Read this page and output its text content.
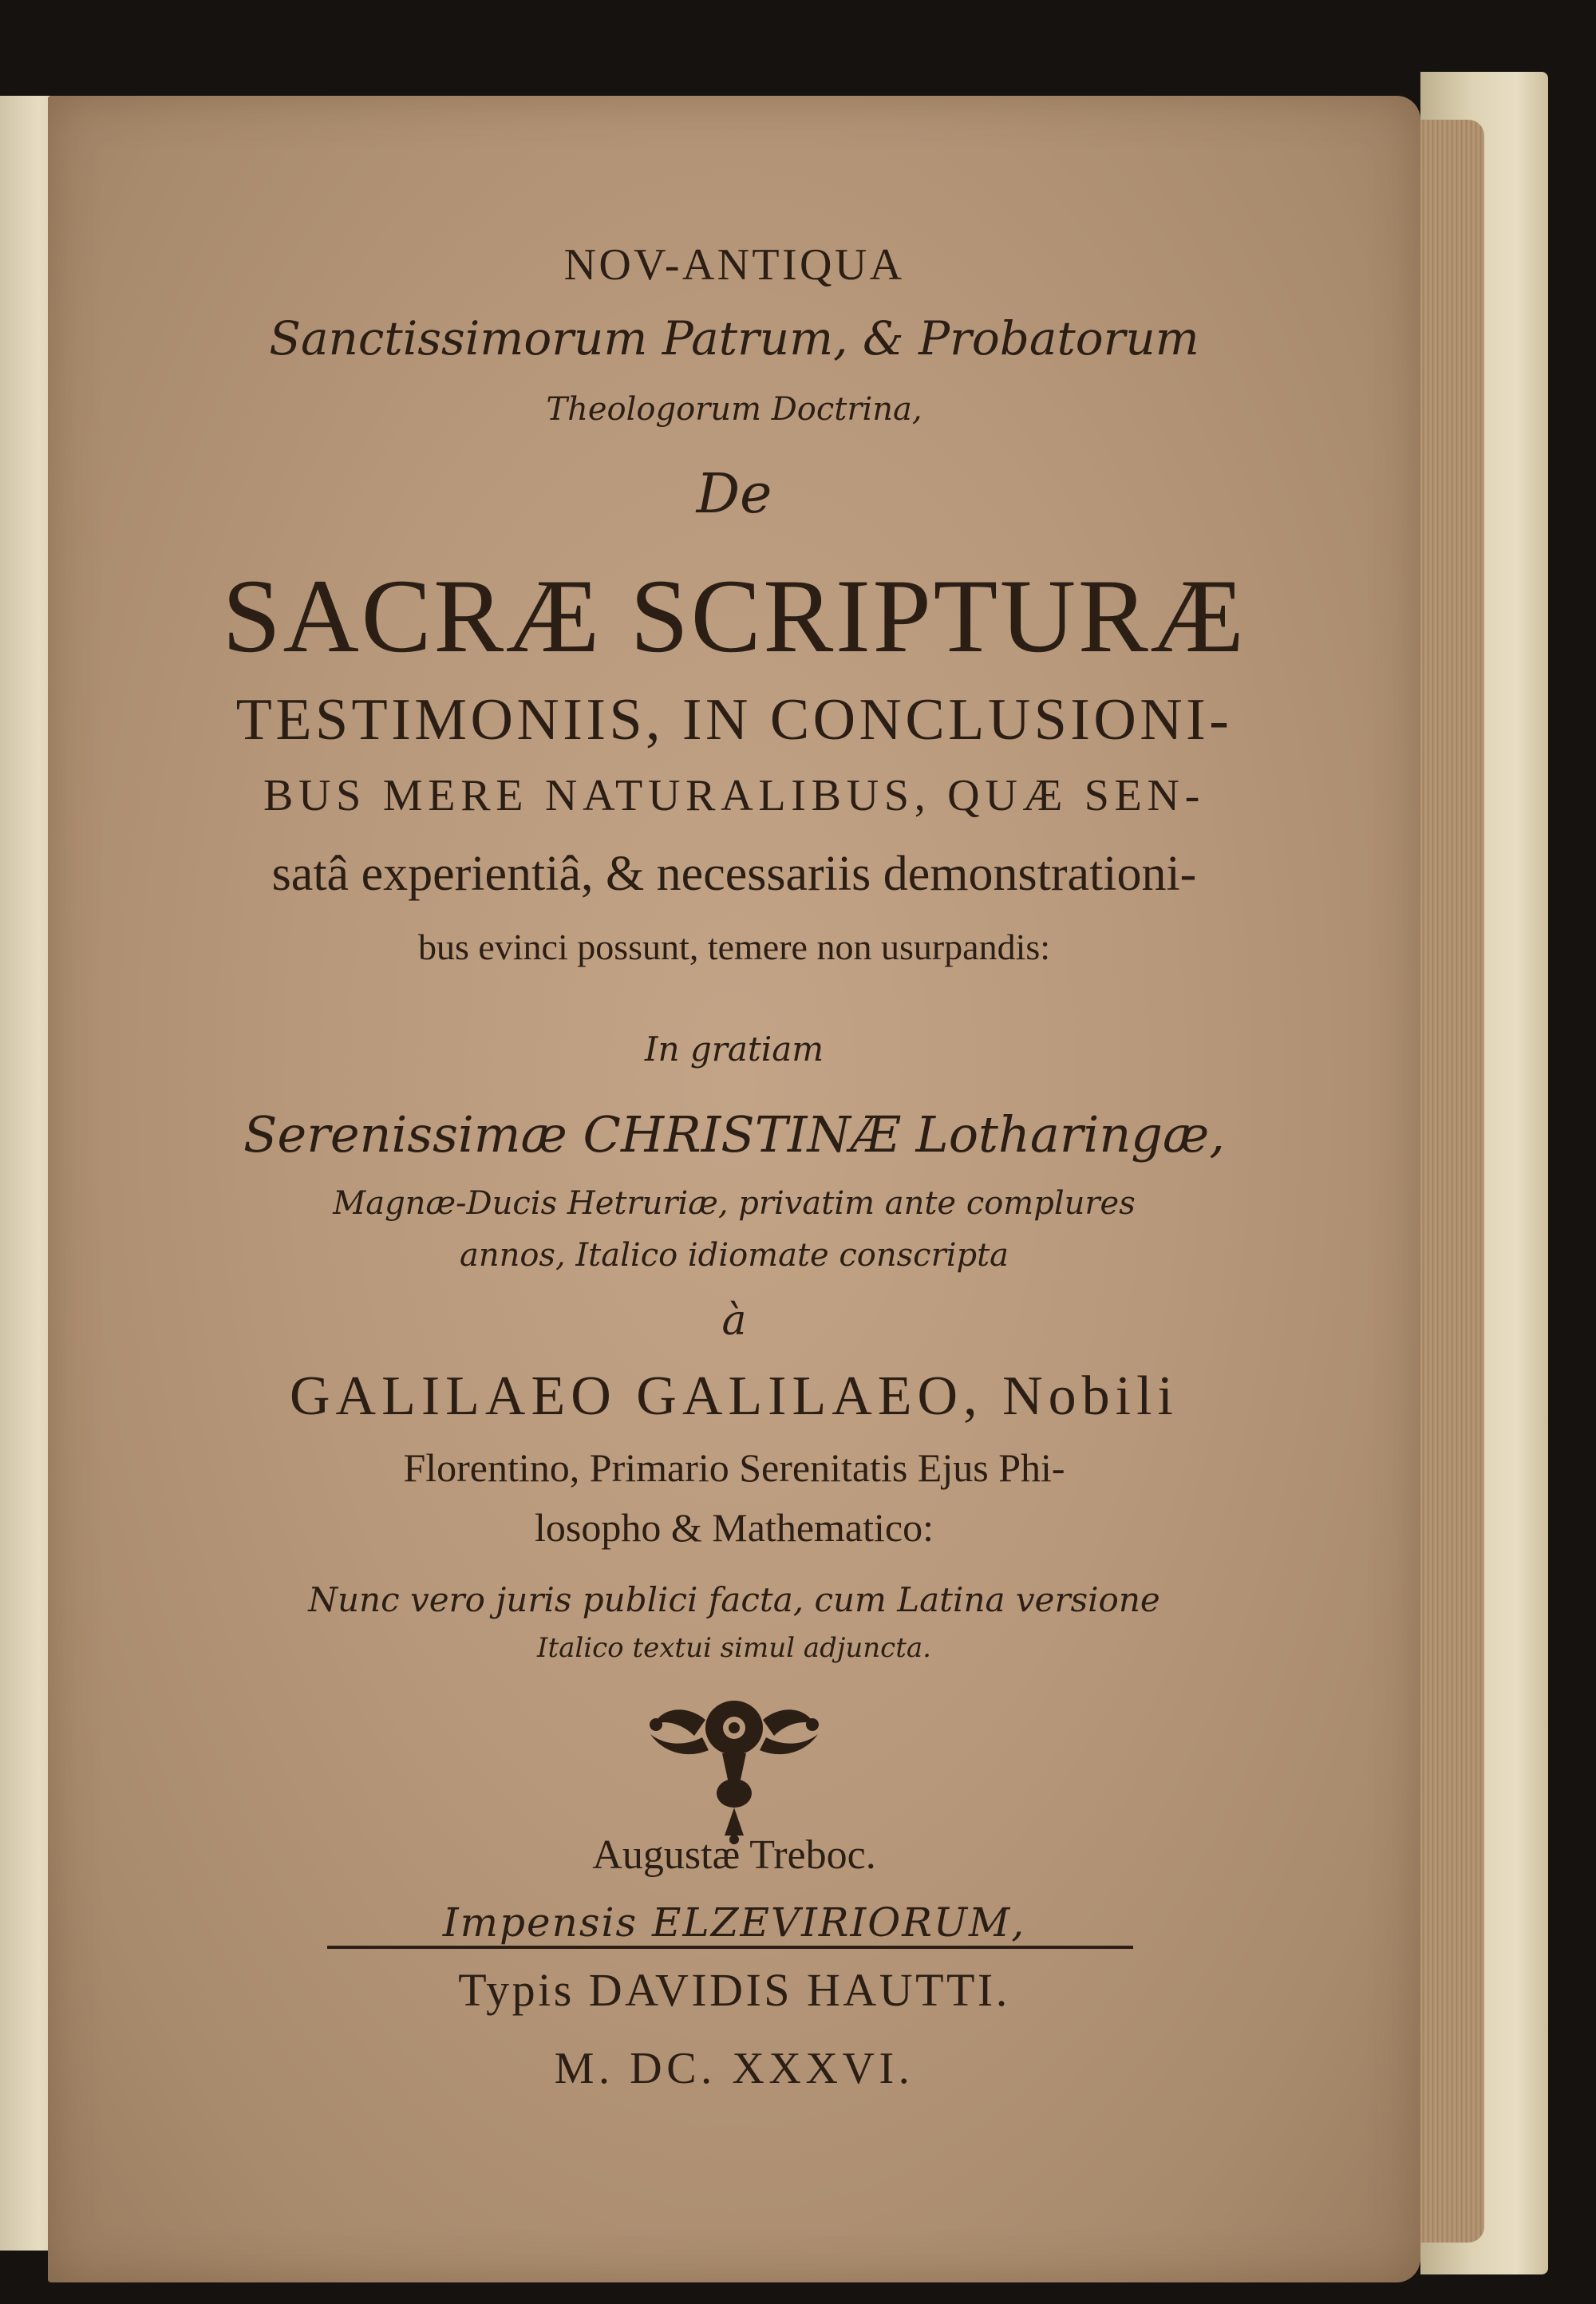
NOV-ANTIQUA
Sanctissimorum Patrum, & Probatorum
Theologorum Doctrina,
De
SACRÆ SCRIPTURÆ
TESTIMONIIS, IN CONCLUSIONI-
BUS MERE NATURALIBUS, QUÆ SEN-
satâ experientiâ, & necessariis demonstrationi-
bus evinci possunt, temere non usurpandis:
In gratiam
Serenissimæ CHRISTINÆ Lotharingæ,
Magnæ-Ducis Hetruriæ, privatim ante complures
annos, Italico idiomate conscripta
à
GALILAEO GALILAEO, Nobili
Florentino, Primario Serenitatis Ejus Phi-
losopho & Mathematico:
Nunc vero juris publici facta, cum Latina versione
Italico textui simul adjuncta.
Augustæ Treboc.
Impensis ELZEVIRIORUM,
Typis DAVIDIS HAUTTI.
M. DC. XXXVI.
